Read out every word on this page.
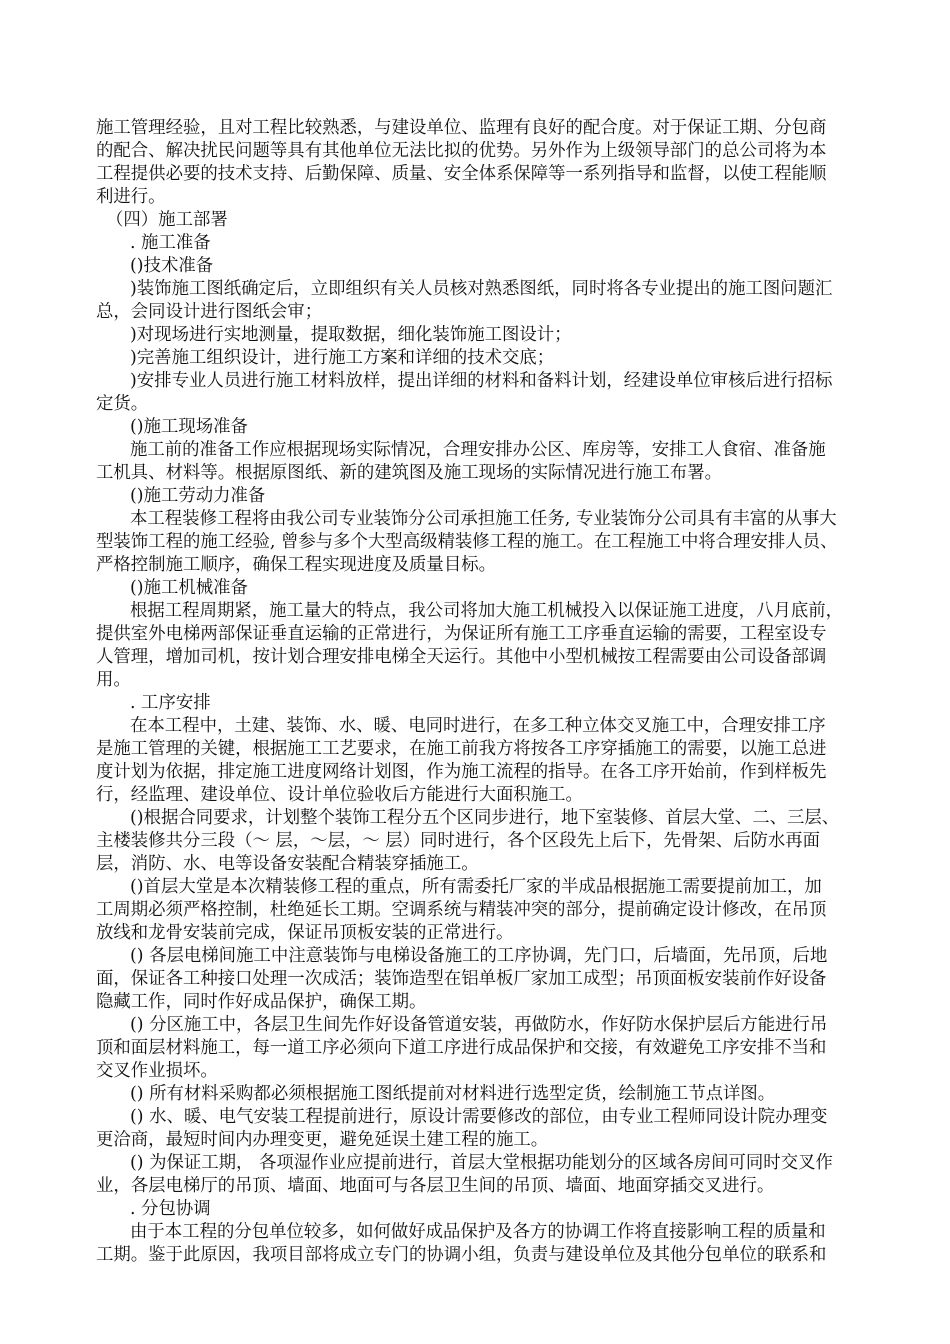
施工管理经验，且对工程比较熟悉，与建设单位、监理有良好的配合度。对于保证工期、分包商
的配合、解决扰民问题等具有其他单位无法比拟的优势。另外作为上级领导部门的总公司将为本
工程提供必要的技术支持、后勤保障、质量、安全体系保障等一系列指导和监督，以使工程能顺
利进行。
（四）施工部署
. 施工准备
()技术准备
)装饰施工图纸确定后，立即组织有关人员核对熟悉图纸，同时将各专业提出的施工图问题汇
总，会同设计进行图纸会审；
)对现场进行实地测量，提取数据，细化装饰施工图设计；
)完善施工组织设计，进行施工方案和详细的技术交底；
)安排专业人员进行施工材料放样，提出详细的材料和备料计划，经建设单位审核后进行招标
定货。
()施工现场准备
施工前的准备工作应根据现场实际情况，合理安排办公区、库房等，安排工人食宿、准备施
工机具、材料等。根据原图纸、新的建筑图及施工现场的实际情况进行施工布署。
()施工劳动力准备
本工程装修工程将由我公司专业装饰分公司承担施工任务, 专业装饰分公司具有丰富的从事大
型装饰工程的施工经验, 曾参与多个大型高级精装修工程的施工。在工程施工中将合理安排人员、
严格控制施工顺序，确保工程实现进度及质量目标。
()施工机械准备
根据工程周期紧，施工量大的特点，我公司将加大施工机械投入以保证施工进度，八月底前，
提供室外电梯两部保证垂直运输的正常进行，为保证所有施工工序垂直运输的需要，工程室设专
人管理，增加司机，按计划合理安排电梯全天运行。其他中小型机械按工程需要由公司设备部调
用。
. 工序安排
在本工程中，土建、装饰、水、暖、电同时进行，在多工种立体交叉施工中，合理安排工序
是施工管理的关键，根据施工工艺要求，在施工前我方将按各工序穿插施工的需要，以施工总进
度计划为依据，排定施工进度网络计划图，作为施工流程的指导。在各工序开始前，作到样板先
行，经监理、建设单位、设计单位验收后方能进行大面积施工。
()根据合同要求，计划整个装饰工程分五个区同步进行，地下室装修、首层大堂、二、三层、
主楼装修共分三段（～ 层，～层，～ 层）同时进行，各个区段先上后下，先骨架、后防水再面
层，消防、水、电等设备安装配合精装穿插施工。
()首层大堂是本次精装修工程的重点，所有需委托厂家的半成品根据施工需要提前加工，加
工周期必须严格控制，杜绝延长工期。空调系统与精装冲突的部分，提前确定设计修改，在吊顶
放线和龙骨安装前完成，保证吊顶板安装的正常进行。
() 各层电梯间施工中注意装饰与电梯设备施工的工序协调，先门口，后墙面，先吊顶，后地
面，保证各工种接口处理一次成活；装饰造型在铝单板厂家加工成型；吊顶面板安装前作好设备
隐藏工作，同时作好成品保护，确保工期。
() 分区施工中，各层卫生间先作好设备管道安装，再做防水，作好防水保护层后方能进行吊
顶和面层材料施工，每一道工序必须向下道工序进行成品保护和交接，有效避免工序安排不当和
交叉作业损坏。
() 所有材料采购都必须根据施工图纸提前对材料进行选型定货，绘制施工节点详图。
() 水、暖、电气安装工程提前进行，原设计需要修改的部位，由专业工程师同设计院办理变
更洽商，最短时间内办理变更，避免延误土建工程的施工。
() 为保证工期， 各项湿作业应提前进行，首层大堂根据功能划分的区域各房间可同时交叉作
业，各层电梯厅的吊顶、墙面、地面可与各层卫生间的吊顶、墙面、地面穿插交叉进行。
. 分包协调
由于本工程的分包单位较多，如何做好成品保护及各方的协调工作将直接影响工程的质量和
工期。鉴于此原因，我项目部将成立专门的协调小组，负责与建设单位及其他分包单位的联系和
